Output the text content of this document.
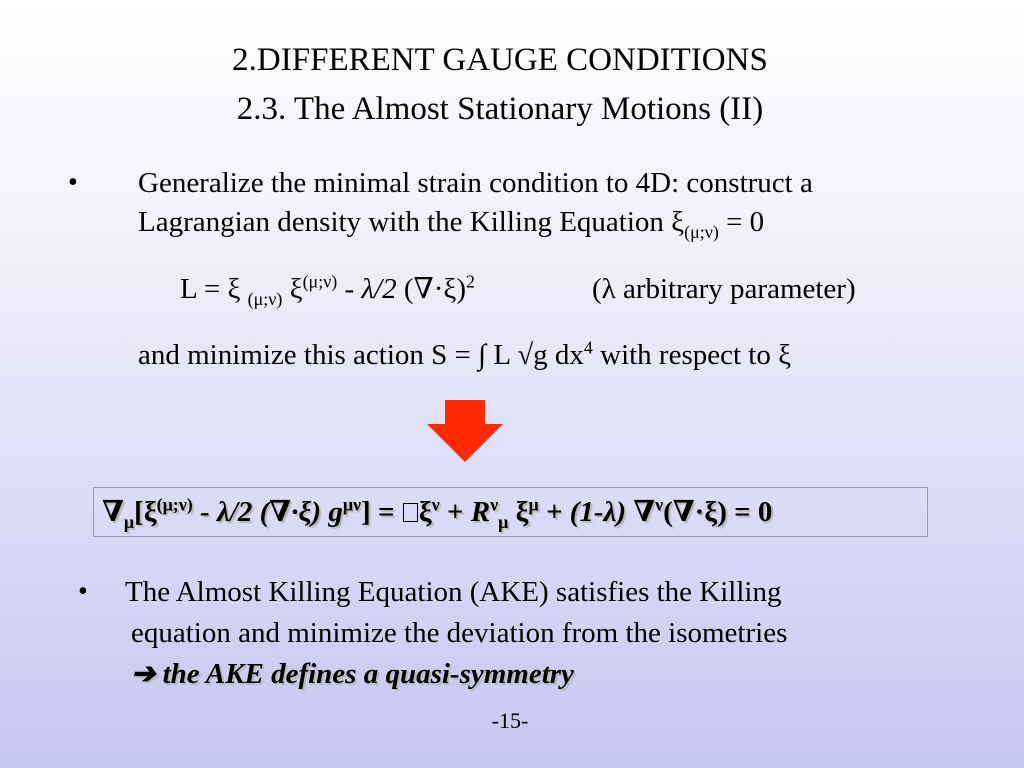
2.DIFFERENT GAUGE CONDITIONS
2.3. The Almost Stationary Motions (II)
• Generalize the minimal strain condition to 4D: construct a
Lagrangian density with the Killing Equation $\xi_{(\mu;\nu)} = 0$
L = ξ $_{(\mu;\nu)}$ $\xi^{(\mu;\nu)} - \lambda/2$ $(\nabla\cdot\xi)^2$	(λ arbitrary parameter)
and minimize this action S = ∫ L √g $dx^4$ with respect to ξ
$\nabla_\mu[\xi^{(\mu;\nu)} - \lambda/2$ (∇·ξ) $g^{\mu\nu}] = \xi^\nu + R^\nu_\mu$ $\xi^\mu + (1-\lambda) \nabla^\nu(\nabla\cdot\xi) = 0$
• The Almost Killing Equation (AKE) satisfies the Killing
equation and minimize the deviation from the isometries
➔ the AKE defines a quasi-symmetry
-15-
